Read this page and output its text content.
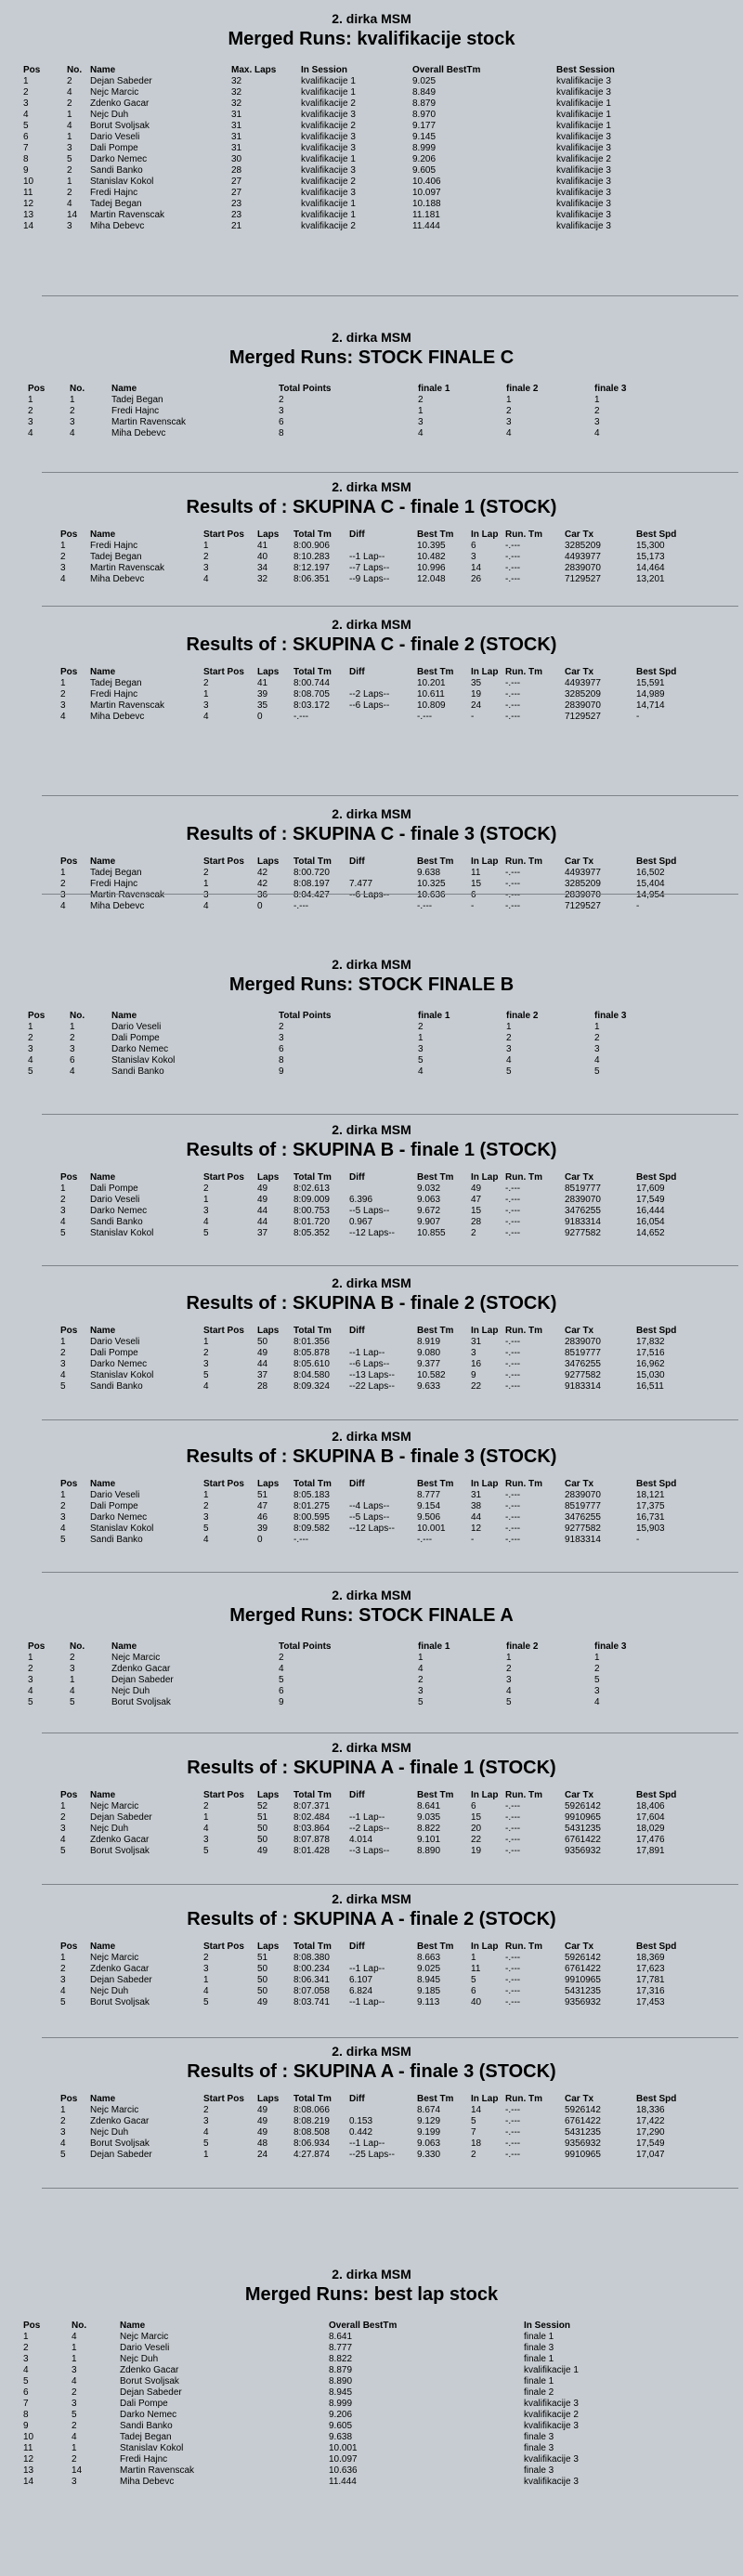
2. dirka MSM
Merged Runs: kvalifikacije stock
Pos	No.	Name	Max. Laps	In Session	Overall BestTm	Best Session
1	2	Dejan Sabeder	32	kvalifikacije 1	9.025	kvalifikacije 3
2	4	Nejc Marcic	32	kvalifikacije 1	8.849	kvalifikacije 3
3	2	Zdenko Gacar	32	kvalifikacije 2	8.879	kvalifikacije 1
4	1	Nejc Duh	31	kvalifikacije 3	8.970	kvalifikacije 1
5	4	Borut Svoljsak	31	kvalifikacije 2	9.177	kvalifikacije 1
6	1	Dario Veseli	31	kvalifikacije 3	9.145	kvalifikacije 3
7	3	Dali Pompe	31	kvalifikacije 3	8.999	kvalifikacije 3
8	5	Darko Nemec	30	kvalifikacije 1	9.206	kvalifikacije 2
9	2	Sandi Banko	28	kvalifikacije 3	9.605	kvalifikacije 3
10	1	Stanislav Kokol	27	kvalifikacije 2	10.406	kvalifikacije 3
11	2	Fredi Hajnc	27	kvalifikacije 3	10.097	kvalifikacije 3
12	4	Tadej Began	23	kvalifikacije 1	10.188	kvalifikacije 3
13	14	Martin Ravenscak	23	kvalifikacije 1	11.181	kvalifikacije 3
14	3	Miha Debevc	21	kvalifikacije 2	11.444	kvalifikacije 3
2. dirka MSM
Merged Runs: STOCK FINALE C
Pos	No.	Name	Total Points	finale 1	finale 2	finale 3
1	1	Tadej Began	2	2	1	1
2	2	Fredi Hajnc	3	1	2	2
3	3	Martin Ravenscak	6	3	3	3
4	4	Miha Debevc	8	4	4	4
2. dirka MSM
Results of : SKUPINA C - finale 1 (STOCK)
Pos	Name	Start Pos	Laps	Total Tm	Diff	Best Tm	In Lap	Run. Tm	Car Tx	Best Spd
1	Fredi Hajnc	1	41	8:00.906		10.395	6	-.---	3285209	15,300
2	Tadej Began	2	40	8:10.283	--1 Lap--	10.482	3	-.---	4493977	15,173
3	Martin Ravenscak	3	34	8:12.197	--7 Laps--	10.996	14	-.---	2839070	14,464
4	Miha Debevc	4	32	8:06.351	--9 Laps--	12.048	26	-.---	7129527	13,201
2. dirka MSM
Results of : SKUPINA C - finale 2 (STOCK)
Pos	Name	Start Pos	Laps	Total Tm	Diff	Best Tm	In Lap	Run. Tm	Car Tx	Best Spd
1	Tadej Began	2	41	8:00.744		10.201	35	-.---	4493977	15,591
2	Fredi Hajnc	1	39	8:08.705	--2 Laps--	10.611	19	-.---	3285209	14,989
3	Martin Ravenscak	3	35	8:03.172	--6 Laps--	10.809	24	-.---	2839070	14,714
4	Miha Debevc	4	0	-.---		-.---	-	-.---	7129527	-
2. dirka MSM
Results of : SKUPINA C - finale 3 (STOCK)
Pos	Name	Start Pos	Laps	Total Tm	Diff	Best Tm	In Lap	Run. Tm	Car Tx	Best Spd
1	Tadej Began	2	42	8:00.720		9.638	11	-.---	4493977	16,502
2	Fredi Hajnc	1	42	8:08.197	7.477	10.325	15	-.---	3285209	15,404
3	Martin Ravenscak	3	36	8:04.427	--6 Laps--	10.636	6	-.---	2839070	14,954
4	Miha Debevc	4	0	-.---		-.---	-	-.---	7129527	-
2. dirka MSM
Merged Runs: STOCK FINALE B
Pos	No.	Name	Total Points	finale 1	finale 2	finale 3
1	1	Dario Veseli	2	2	1	1
2	2	Dali Pompe	3	1	2	2
3	3	Darko Nemec	6	3	3	3
4	6	Stanislav Kokol	8	5	4	4
5	4	Sandi Banko	9	4	5	5
2. dirka MSM
Results of : SKUPINA B - finale 1 (STOCK)
Pos	Name	Start Pos	Laps	Total Tm	Diff	Best Tm	In Lap	Run. Tm	Car Tx	Best Spd
1	Dali Pompe	2	49	8:02.613		9.032	49	-.---	8519777	17,609
2	Dario Veseli	1	49	8:09.009	6.396	9.063	47	-.---	2839070	17,549
3	Darko Nemec	3	44	8:00.753	--5 Laps--	9.672	15	-.---	3476255	16,444
4	Sandi Banko	4	44	8:01.720	0.967	9.907	28	-.---	9183314	16,054
5	Stanislav Kokol	5	37	8:05.352	--12 Laps--	10.855	2	-.---	9277582	14,652
2. dirka MSM
Results of : SKUPINA B - finale 2 (STOCK)
Pos	Name	Start Pos	Laps	Total Tm	Diff	Best Tm	In Lap	Run. Tm	Car Tx	Best Spd
1	Dario Veseli	1	50	8:01.356		8.919	31	-.---	2839070	17,832
2	Dali Pompe	2	49	8:05.878	--1 Lap--	9.080	3	-.---	8519777	17,516
3	Darko Nemec	3	44	8:05.610	--6 Laps--	9.377	16	-.---	3476255	16,962
4	Stanislav Kokol	5	37	8:04.580	--13 Laps--	10.582	9	-.---	9277582	15,030
5	Sandi Banko	4	28	8:09.324	--22 Laps--	9.633	22	-.---	9183314	16,511
2. dirka MSM
Results of : SKUPINA B - finale 3 (STOCK)
Pos	Name	Start Pos	Laps	Total Tm	Diff	Best Tm	In Lap	Run. Tm	Car Tx	Best Spd
1	Dario Veseli	1	51	8:05.183		8.777	31	-.---	2839070	18,121
2	Dali Pompe	2	47	8:01.275	--4 Laps--	9.154	38	-.---	8519777	17,375
3	Darko Nemec	3	46	8:00.595	--5 Laps--	9.506	44	-.---	3476255	16,731
4	Stanislav Kokol	5	39	8:09.582	--12 Laps--	10.001	12	-.---	9277582	15,903
5	Sandi Banko	4	0	-.---		-.---	-	-.---	9183314	-
2. dirka MSM
Merged Runs: STOCK FINALE A
Pos	No.	Name	Total Points	finale 1	finale 2	finale 3
1	2	Nejc Marcic	2	1	1	1
2	3	Zdenko Gacar	4	4	2	2
3	1	Dejan Sabeder	5	2	3	5
4	4	Nejc Duh	6	3	4	3
5	5	Borut Svoljsak	9	5	5	4
2. dirka MSM
Results of : SKUPINA A - finale 1 (STOCK)
Pos	Name	Start Pos	Laps	Total Tm	Diff	Best Tm	In Lap	Run. Tm	Car Tx	Best Spd
1	Nejc Marcic	2	52	8:07.371		8.641	6	-.---	5926142	18,406
2	Dejan Sabeder	1	51	8:02.484	--1 Lap--	9.035	15	-.---	9910965	17,604
3	Nejc Duh	4	50	8:03.864	--2 Laps--	8.822	20	-.---	5431235	18,029
4	Zdenko Gacar	3	50	8:07.878	4.014	9.101	22	-.---	6761422	17,476
5	Borut Svoljsak	5	49	8:01.428	--3 Laps--	8.890	19	-.---	9356932	17,891
2. dirka MSM
Results of : SKUPINA A - finale 2 (STOCK)
Pos	Name	Start Pos	Laps	Total Tm	Diff	Best Tm	In Lap	Run. Tm	Car Tx	Best Spd
1	Nejc Marcic	2	51	8:08.380		8.663	1	-.---	5926142	18,369
2	Zdenko Gacar	3	50	8:00.234	--1 Lap--	9.025	11	-.---	6761422	17,623
3	Dejan Sabeder	1	50	8:06.341	6.107	8.945	5	-.---	9910965	17,781
4	Nejc Duh	4	50	8:07.058	6.824	9.185	6	-.---	5431235	17,316
5	Borut Svoljsak	5	49	8:03.741	--1 Lap--	9.113	40	-.---	9356932	17,453
2. dirka MSM
Results of : SKUPINA A - finale 3 (STOCK)
Pos	Name	Start Pos	Laps	Total Tm	Diff	Best Tm	In Lap	Run. Tm	Car Tx	Best Spd
1	Nejc Marcic	2	49	8:08.066		8.674	14	-.---	5926142	18,336
2	Zdenko Gacar	3	49	8:08.219	0.153	9.129	5	-.---	6761422	17,422
3	Nejc Duh	4	49	8:08.508	0.442	9.199	7	-.---	5431235	17,290
4	Borut Svoljsak	5	48	8:06.934	--1 Lap--	9.063	18	-.---	9356932	17,549
5	Dejan Sabeder	1	24	4:27.874	--25 Laps--	9.330	2	-.---	9910965	17,047
2. dirka MSM
Merged Runs: best lap stock
Pos	No.	Name	Overall BestTm	In Session
1	4	Nejc Marcic	8.641	finale 1
2	1	Dario Veseli	8.777	finale 3
3	1	Nejc Duh	8.822	finale 1
4	3	Zdenko Gacar	8.879	kvalifikacije 1
5	4	Borut Svoljsak	8.890	finale 1
6	2	Dejan Sabeder	8.945	finale 2
7	3	Dali Pompe	8.999	kvalifikacije 3
8	5	Darko Nemec	9.206	kvalifikacije 2
9	2	Sandi Banko	9.605	kvalifikacije 3
10	4	Tadej Began	9.638	finale 3
11	1	Stanislav Kokol	10.001	finale 3
12	2	Fredi Hajnc	10.097	kvalifikacije 3
13	14	Martin Ravenscak	10.636	finale 3
14	3	Miha Debevc	11.444	kvalifikacije 3
